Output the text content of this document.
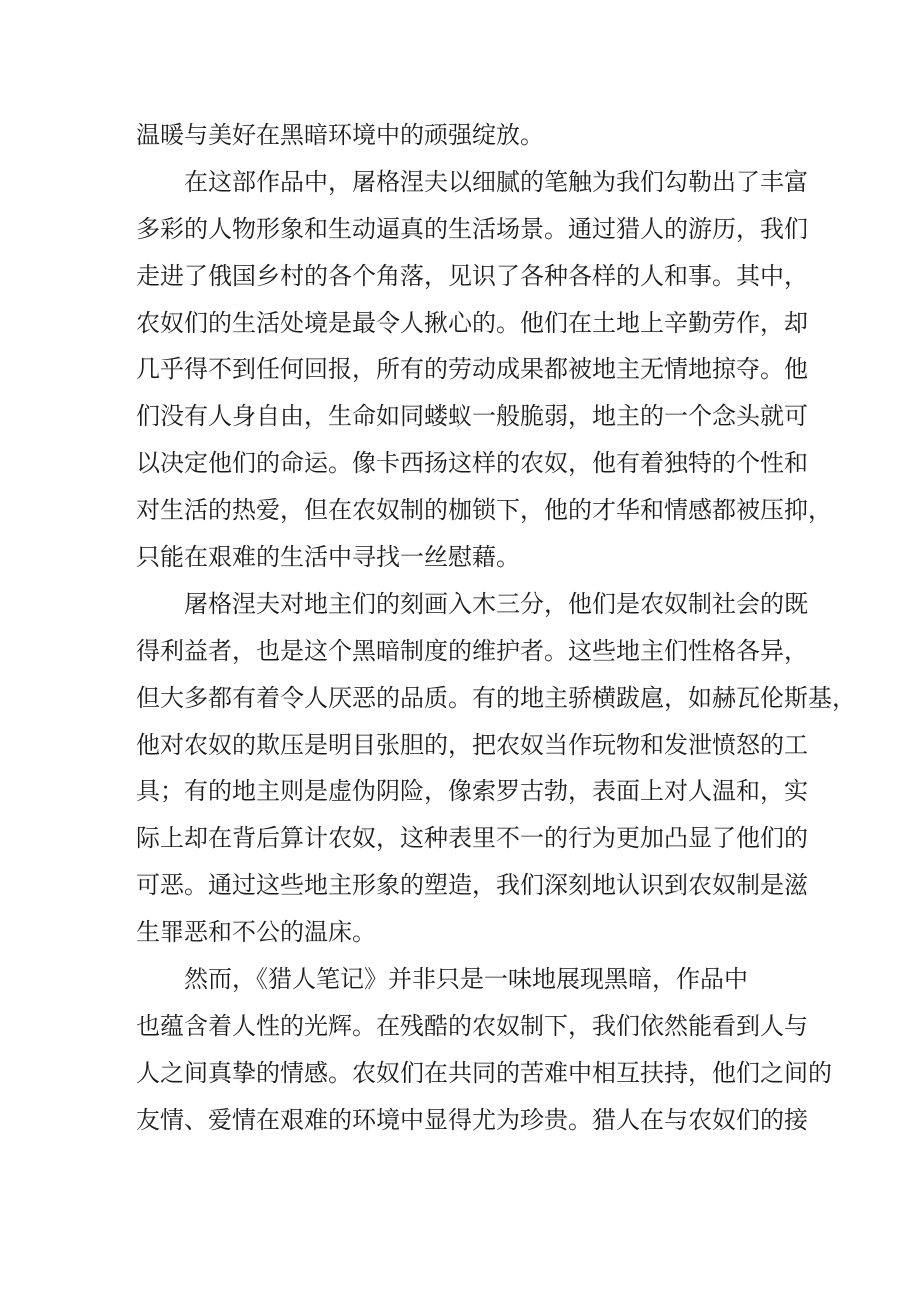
温暖与美好在黑暗环境中的顽强绽放。
在这部作品中，屠格涅夫以细腻的笔触为我们勾勒出了丰富
多彩的人物形象和生动逼真的生活场景。通过猎人的游历，我们
走进了俄国乡村的各个角落，见识了各种各样的人和事。其中，
农奴们的生活处境是最令人揪心的。他们在土地上辛勤劳作，却
几乎得不到任何回报，所有的劳动成果都被地主无情地掠夺。他
们没有人身自由，生命如同蝼蚁一般脆弱，地主的一个念头就可
以决定他们的命运。像卡西扬这样的农奴，他有着独特的个性和
对生活的热爱，但在农奴制的枷锁下，他的才华和情感都被压抑，
只能在艰难的生活中寻找一丝慰藉。
屠格涅夫对地主们的刻画入木三分，他们是农奴制社会的既
得利益者，也是这个黑暗制度的维护者。这些地主们性格各异，
但大多都有着令人厌恶的品质。有的地主骄横跋扈，如赫瓦伦斯基，
他对农奴的欺压是明目张胆的，把农奴当作玩物和发泄愤怒的工
具；有的地主则是虚伪阴险，像索罗古勃，表面上对人温和，实
际上却在背后算计农奴，这种表里不一的行为更加凸显了他们的
可恶。通过这些地主形象的塑造，我们深刻地认识到农奴制是滋
生罪恶和不公的温床。
然而，《猎人笔记》并非只是一味地展现黑暗，作品中
也蕴含着人性的光辉。在残酷的农奴制下，我们依然能看到人与
人之间真挚的情感。农奴们在共同的苦难中相互扶持，他们之间的
友情、爱情在艰难的环境中显得尤为珍贵。猎人在与农奴们的接
